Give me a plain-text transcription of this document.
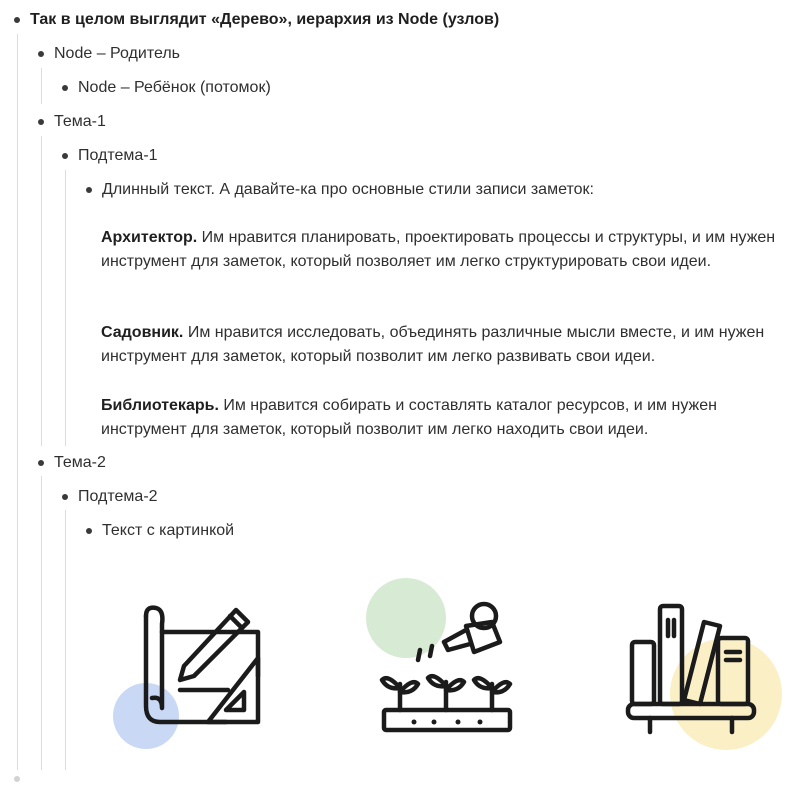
Так в целом выглядит «Дерево», иерархия из Node (узлов)
Node – Родитель
Node – Ребёнок (потомок)
Тема-1
Подтема-1
Длинный текст. А давайте-ка про основные стили записи заметок:
Архитектор. Им нравится планировать, проектировать процессы и структуры, и им нужен инструмент для заметок, который позволяет им легко структурировать свои идеи.
Садовник. Им нравится исследовать, объединять различные мысли вместе, и им нужен инструмент для заметок, который позволит им легко развивать свои идеи.
Библиотекарь. Им нравится собирать и составлять каталог ресурсов, и им нужен инструмент для заметок, который позволит им легко находить свои идеи.
Тема-2
Подтема-2
Текст с картинкой
